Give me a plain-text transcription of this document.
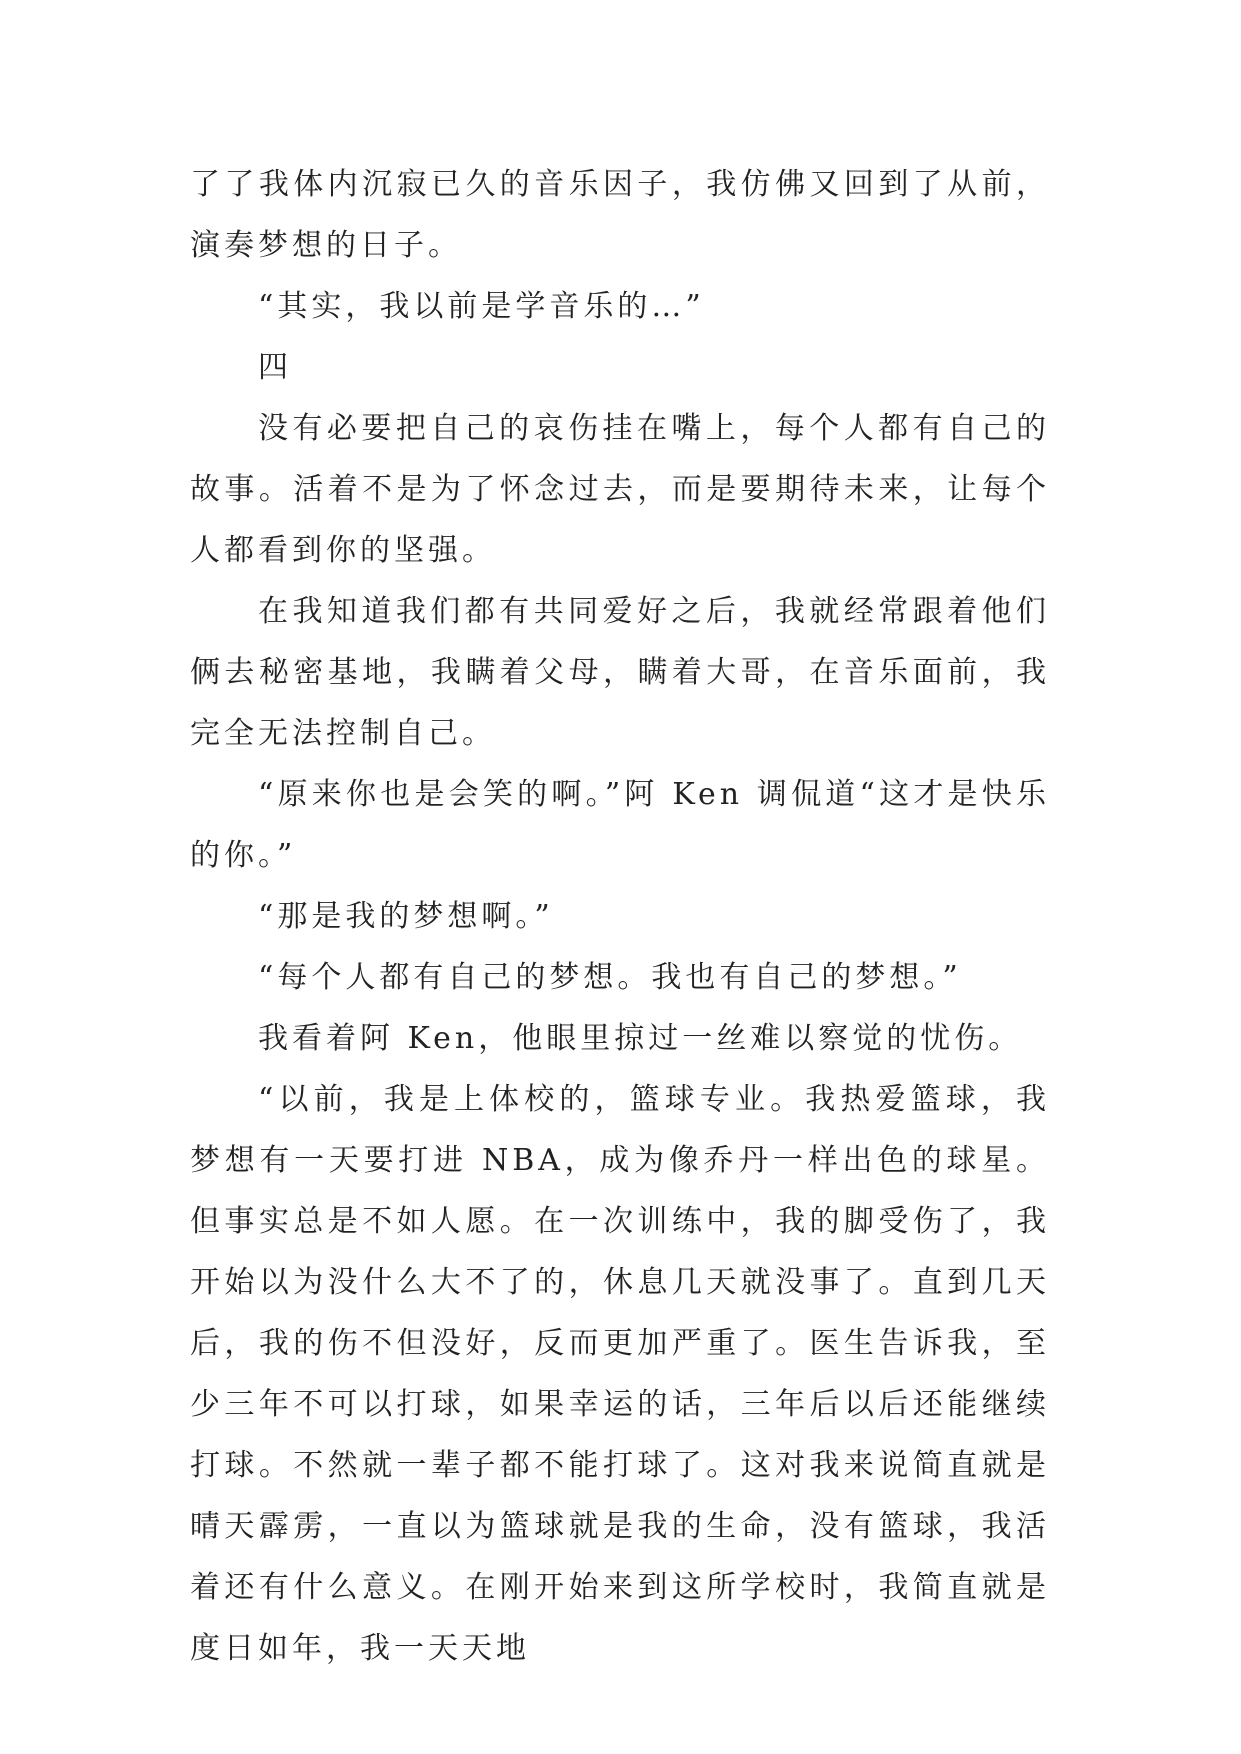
了了我体内沉寂已久的音乐因子，我仿佛又回到了从前，演奏梦想的日子。

“其实，我以前是学音乐的…”

四

没有必要把自己的哀伤挂在嘴上，每个人都有自己的故事。活着不是为了怀念过去，而是要期待未来，让每个人都看到你的坚强。

在我知道我们都有共同爱好之后，我就经常跟着他们俩去秘密基地，我瞒着父母，瞒着大哥，在音乐面前，我完全无法控制自己。

“原来你也是会笑的啊。”阿 Ken 调侃道“这才是快乐的你。”

“那是我的梦想啊。”

“每个人都有自己的梦想。我也有自己的梦想。”

我看着阿 Ken，他眼里掠过一丝难以察觉的忧伤。

“以前，我是上体校的，篮球专业。我热爱篮球，我梦想有一天要打进 NBA，成为像乔丹一样出色的球星。但事实总是不如人愿。在一次训练中，我的脚受伤了，我开始以为没什么大不了的，休息几天就没事了。直到几天后，我的伤不但没好，反而更加严重了。医生告诉我，至少三年不可以打球，如果幸运的话，三年后以后还能继续打球。不然就一辈子都不能打球了。这对我来说简直就是晴天霹雳，一直以为篮球就是我的生命，没有篮球，我活着还有什么意义。在刚开始来到这所学校时，我简直就是度日如年，我一天天地
